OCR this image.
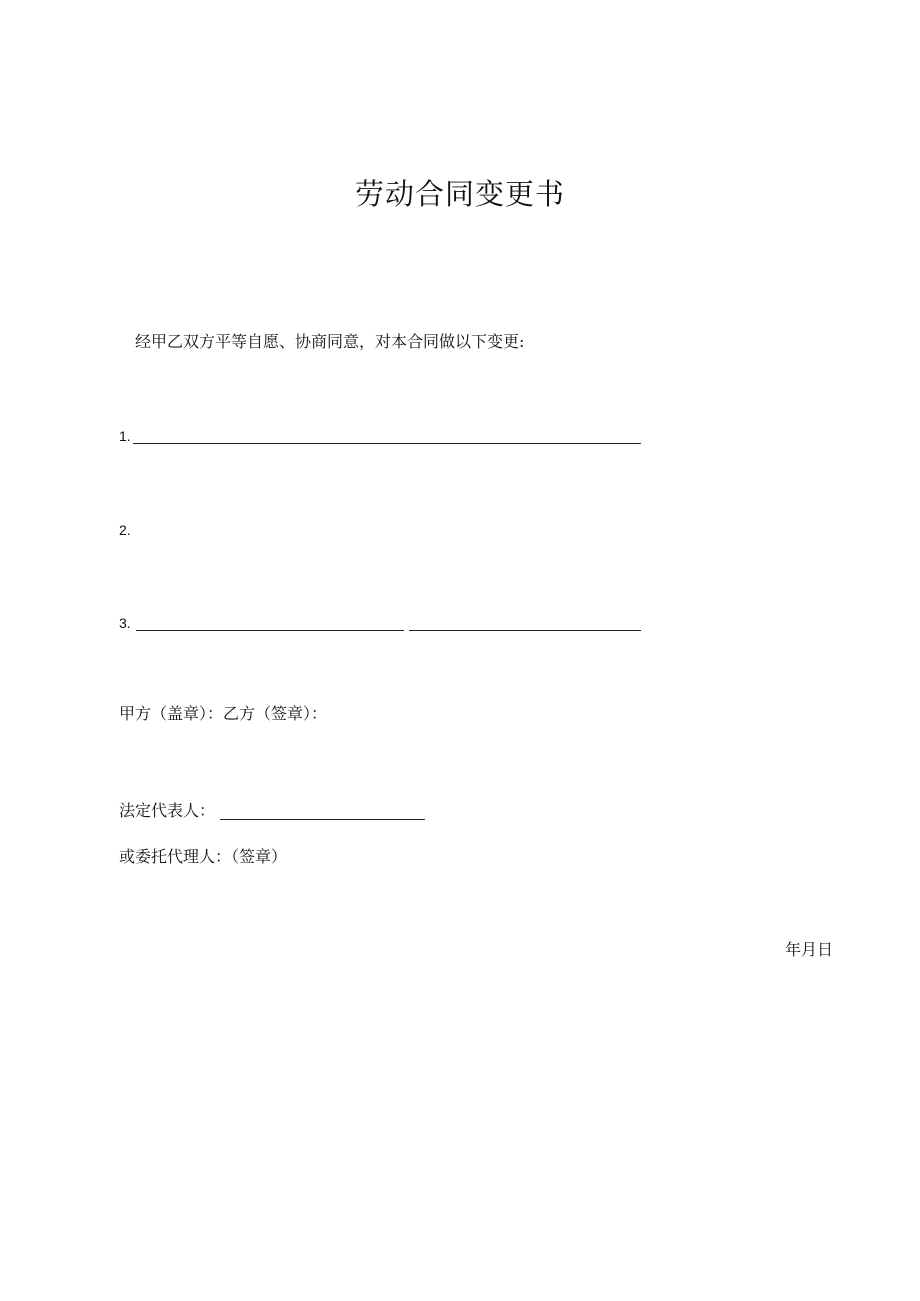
劳动合同变更书
经甲乙双方平等自愿、协商同意，对本合同做以下变更:
1.
2.
3.
甲方（盖章）：乙方（签章）：
法定代表人：
或委托代理人：（签章）
年月日
